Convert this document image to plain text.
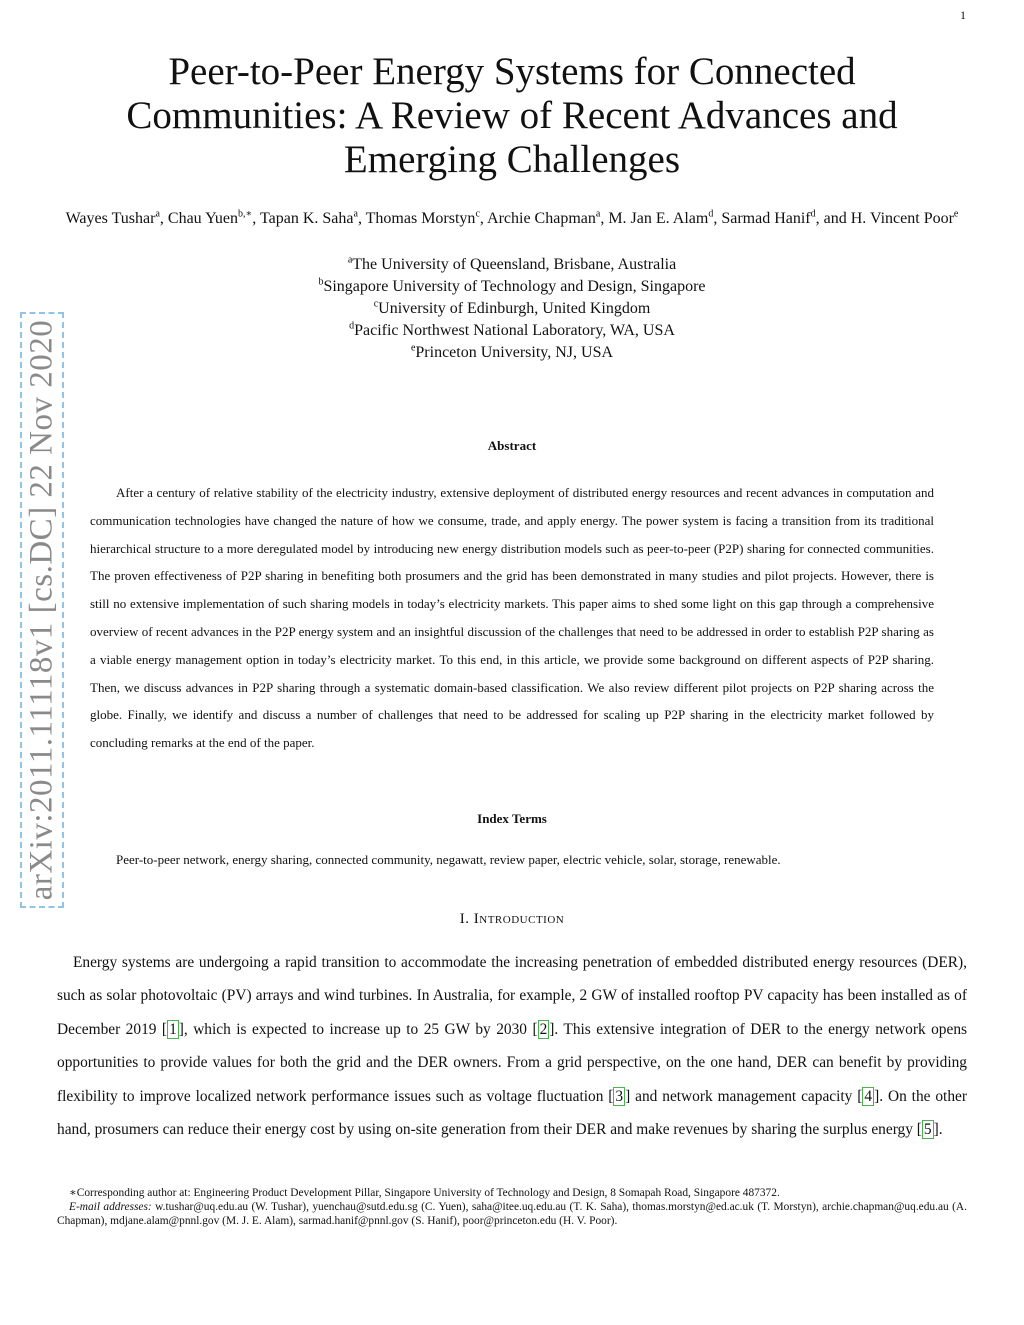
1
arXiv:2011.11118v1 [cs.DC] 22 Nov 2020
Peer-to-Peer Energy Systems for Connected Communities: A Review of Recent Advances and Emerging Challenges
Wayes Tushar$^a$, Chau Yuen$^{b,∗}$, Tapan K. Saha$^a$, Thomas Morstyn$^c$, Archie Chapman$^a$, M. Jan E. Alam$^d$, Sarmad Hanif$^d$, and H. Vincent Poor$^e$
$^a$The University of Queensland, Brisbane, Australia
$^b$Singapore University of Technology and Design, Singapore
$^c$University of Edinburgh, United Kingdom
$^d$Pacific Northwest National Laboratory, WA, USA
$^e$Princeton University, NJ, USA
Abstract
After a century of relative stability of the electricity industry, extensive deployment of distributed energy resources and recent advances in computation and communication technologies have changed the nature of how we consume, trade, and apply energy. The power system is facing a transition from its traditional hierarchical structure to a more deregulated model by introducing new energy distribution models such as peer-to-peer (P2P) sharing for connected communities. The proven effectiveness of P2P sharing in benefiting both prosumers and the grid has been demonstrated in many studies and pilot projects. However, there is still no extensive implementation of such sharing models in today’s electricity markets. This paper aims to shed some light on this gap through a comprehensive overview of recent advances in the P2P energy system and an insightful discussion of the challenges that need to be addressed in order to establish P2P sharing as a viable energy management option in today’s electricity market. To this end, in this article, we provide some background on different aspects of P2P sharing. Then, we discuss advances in P2P sharing through a systematic domain-based classification. We also review different pilot projects on P2P sharing across the globe. Finally, we identify and discuss a number of challenges that need to be addressed for scaling up P2P sharing in the electricity market followed by concluding remarks at the end of the paper.
Index Terms
Peer-to-peer network, energy sharing, connected community, negawatt, review paper, electric vehicle, solar, storage, renewable.
I. Introduction
Energy systems are undergoing a rapid transition to accommodate the increasing penetration of embedded distributed energy resources (DER), such as solar photovoltaic (PV) arrays and wind turbines. In Australia, for example, 2 GW of installed rooftop PV capacity has been installed as of December 2019 [ 1 ], which is expected to increase up to 25 GW by 2030 [ 2 ]. This extensive integration of DER to the energy network opens opportunities to provide values for both the grid and the DER owners. From a grid perspective, on the one hand, DER can benefit by providing flexibility to improve localized network performance issues such as voltage fluctuation [ 3 ] and network management capacity [ 4 ]. On the other hand, prosumers can reduce their energy cost by using on-site generation from their DER and make revenues by sharing the surplus energy [ 5 ].
∗Corresponding author at: Engineering Product Development Pillar, Singapore University of Technology and Design, 8 Somapah Road, Singapore 487372.
E-mail addresses: w.tushar@uq.edu.au (W. Tushar), yuenchau@sutd.edu.sg (C. Yuen), saha@itee.uq.edu.au (T. K. Saha), thomas.morstyn@ed.ac.uk (T. Morstyn), archie.chapman@uq.edu.au (A. Chapman), mdjane.alam@pnnl.gov (M. J. E. Alam), sarmad.hanif@pnnl.gov (S. Hanif), poor@princeton.edu (H. V. Poor).
